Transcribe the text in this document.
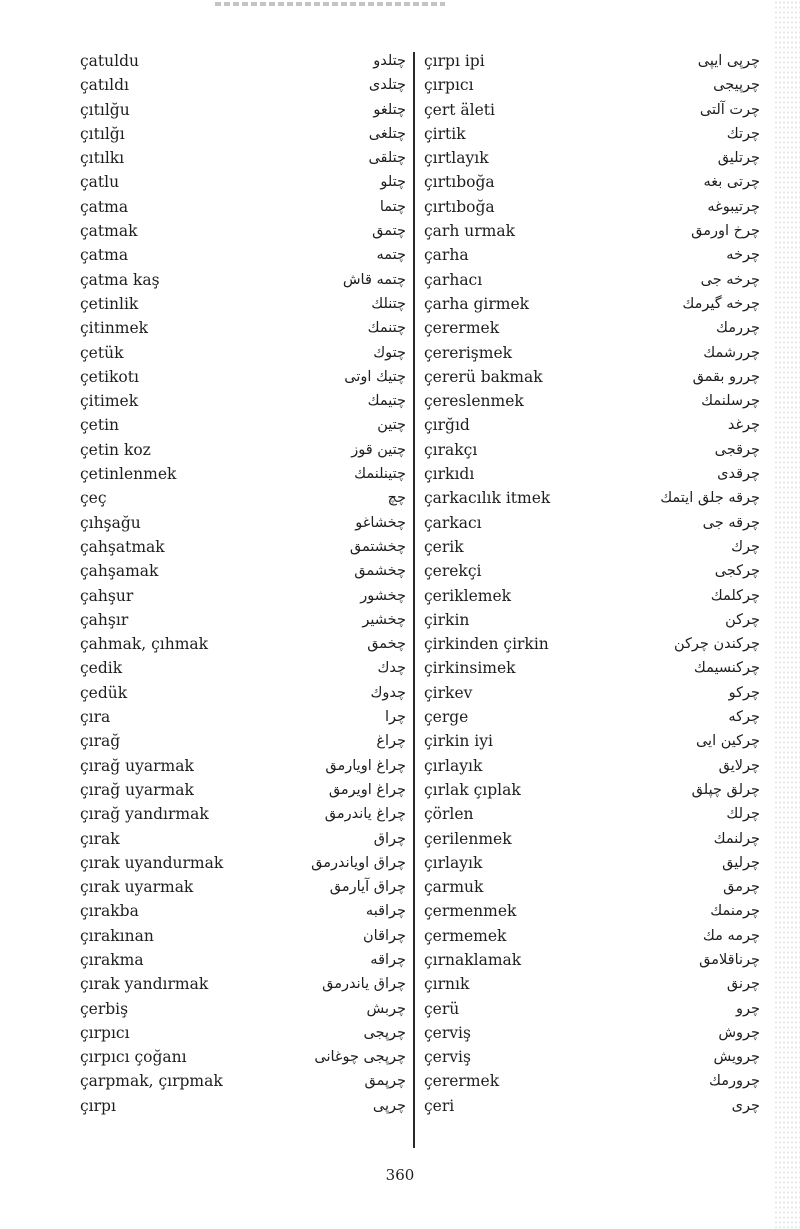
çatuldu	چتلدو
çatıldı	چتلدی
çıtılğu	چتلغو
çıtılğı	چتلغی
çıtılkı	چتلقی
çatlu	چتلو
çatma	چتما
çatmak	چتمق
çatma	چتمه
çatma kaş	چتمه قاش
çetinlik	چتنلك
çitinmek	چتنمك
çetük	چتوك
çetikotı	چتیك اوتی
çitimek	چتیمك
çetin	چتین
çetin koz	چتین قوز
çetinlenmek	چتینلنمك
çeç	چچ
çıhşağu	چخشاغو
çahşatmak	چخشتمق
çahşamak	چخشمق
çahşur	چخشور
çahşır	چخشیر
çahmak, çıhmak	چخمق
çedik	چدك
çedük	چدوك
çıra	چرا
çırağ	چراغ
çırağ uyarmak	چراغ اویارمق
çırağ uyarmak	چراغ اویرمق
çırağ yandırmak	چراغ یاندرمق
çırak	چراق
çırak uyandurmak	چراق اویاندرمق
çırak uyarmak	چراق آیارمق
çırakba	چراقبه
çırakınan	چراقان
çırakma	چراقه
çırak yandırmak	چراق یاندرمق
çerbiş	چربش
çırpıcı	چرپجی
çırpıcı çoğanı	چرپجی چوغانی
çarpmak, çırpmak	چرپمق
çırpı	چرپی
çırpı ipi	چرپی ایپی
çırpıcı	چرپیجی
çert äleti	چرت آلتی
çirtik	چرتك
çırtlayık	چرتلیق
çırtıboğa	چرتی بغه
çırtıboğa	چرتیبوغه
çarh urmak	چرخ اورمق
çarha	چرخه
çarhacı	چرخه جی
çarha girmek	چرخه گیرمك
çerermek	چررمك
çererişmek	چررشمك
çererü bakmak	چررو بقمق
çereslenmek	چرسلنمك
çırğıd	چرغد
çırakçı	چرقجی
çırkıdı	چرقدی
çarkacılık itmek	چرقه جلق ایتمك
çarkacı	چرقه جی
çerik	چرك
çerekçi	چركجی
çeriklemek	چركلمك
çirkin	چركن
çirkinden çirkin	چركندن چركن
çirkinsimek	چركنسیمك
çirkev	چركو
çerge	چركه
çirkin iyi	چركین ایی
çırlayık	چرلایق
çırlak çıplak	چرلق چپلق
çörlen	چرلك
çerilenmek	چرلنمك
çırlayık	چرلیق
çarmuk	چرمق
çermenmek	چرمنمك
çermemek	چرمه مك
çırnaklamak	چرناقلامق
çırnık	چرنق
çerü	چرو
çerviş	چروش
çerviş	چرویش
çerermek	چرورمك
çeri	چری
360
